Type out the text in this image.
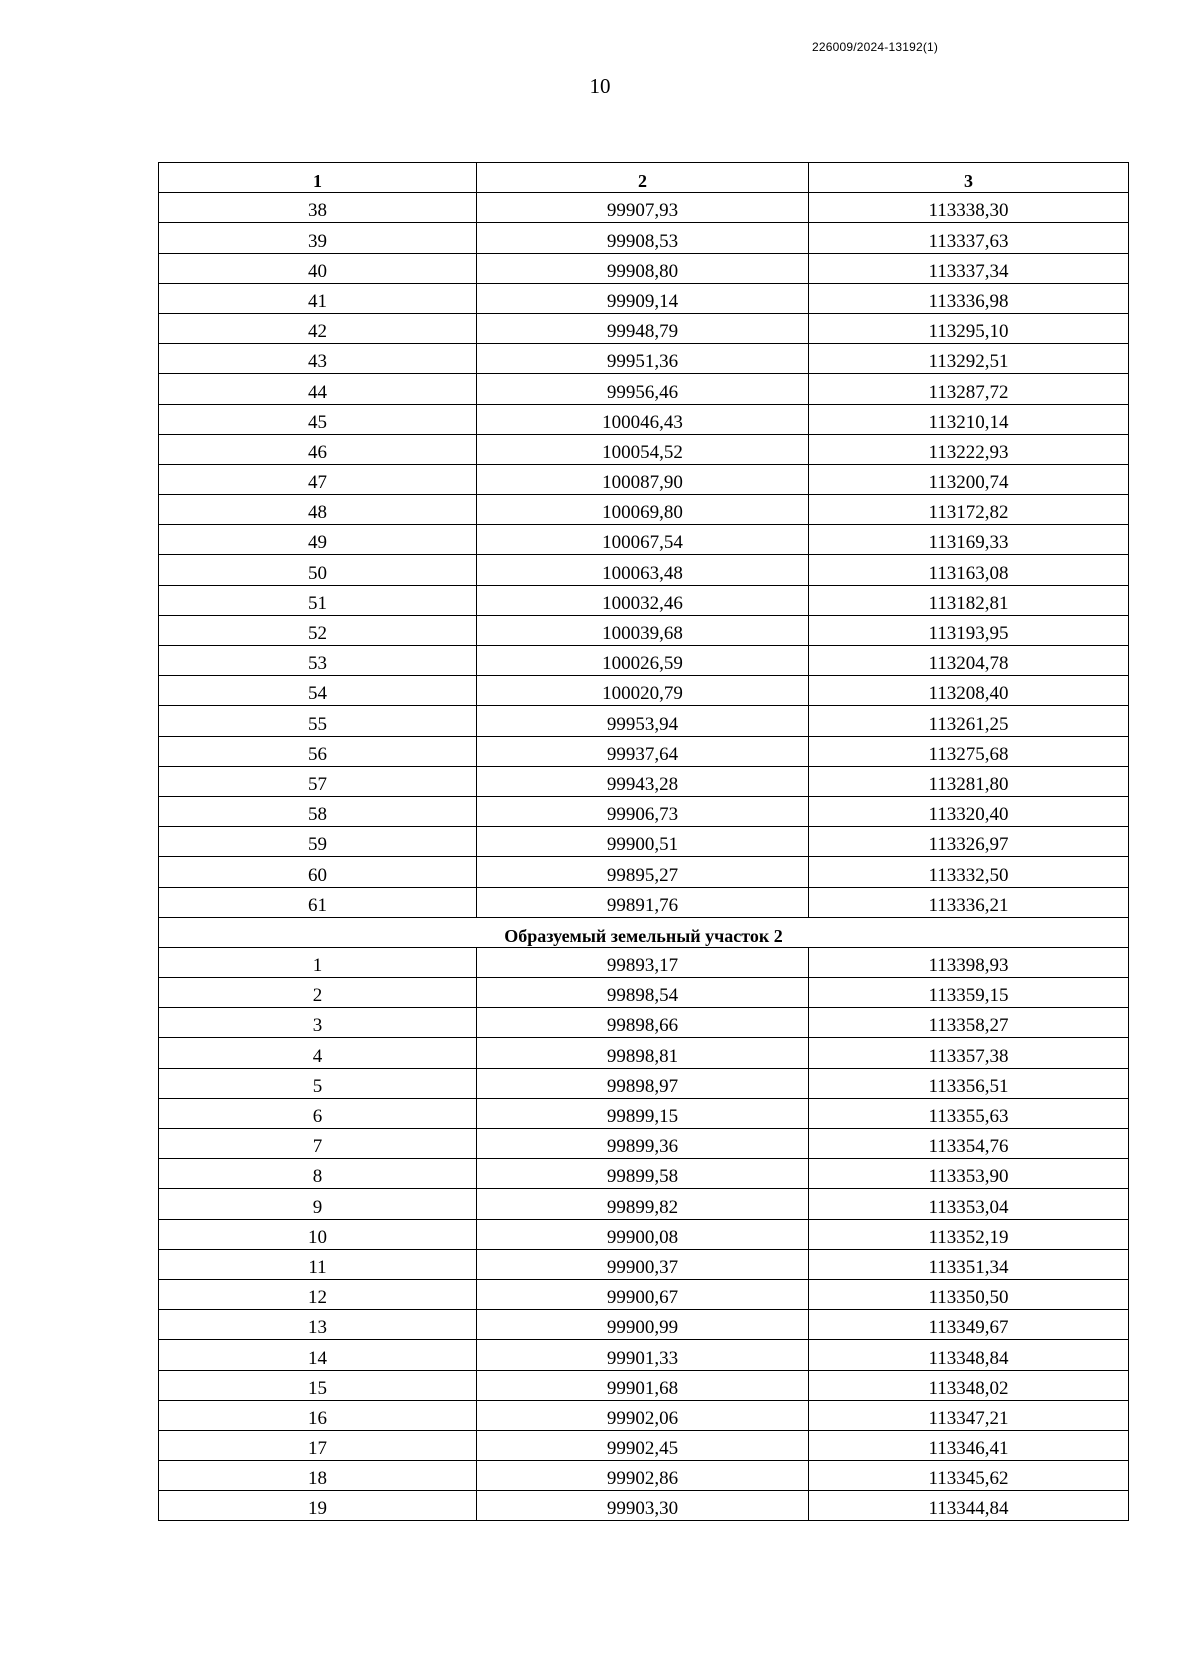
226009/2024-13192(1)
10
1	2	3
38	99907,93	113338,30
39	99908,53	113337,63
40	99908,80	113337,34
41	99909,14	113336,98
42	99948,79	113295,10
43	99951,36	113292,51
44	99956,46	113287,72
45	100046,43	113210,14
46	100054,52	113222,93
47	100087,90	113200,74
48	100069,80	113172,82
49	100067,54	113169,33
50	100063,48	113163,08
51	100032,46	113182,81
52	100039,68	113193,95
53	100026,59	113204,78
54	100020,79	113208,40
55	99953,94	113261,25
56	99937,64	113275,68
57	99943,28	113281,80
58	99906,73	113320,40
59	99900,51	113326,97
60	99895,27	113332,50
61	99891,76	113336,21
Образуемый земельный участок 2		
1	99893,17	113398,93
2	99898,54	113359,15
3	99898,66	113358,27
4	99898,81	113357,38
5	99898,97	113356,51
6	99899,15	113355,63
7	99899,36	113354,76
8	99899,58	113353,90
9	99899,82	113353,04
10	99900,08	113352,19
11	99900,37	113351,34
12	99900,67	113350,50
13	99900,99	113349,67
14	99901,33	113348,84
15	99901,68	113348,02
16	99902,06	113347,21
17	99902,45	113346,41
18	99902,86	113345,62
19	99903,30	113344,84
